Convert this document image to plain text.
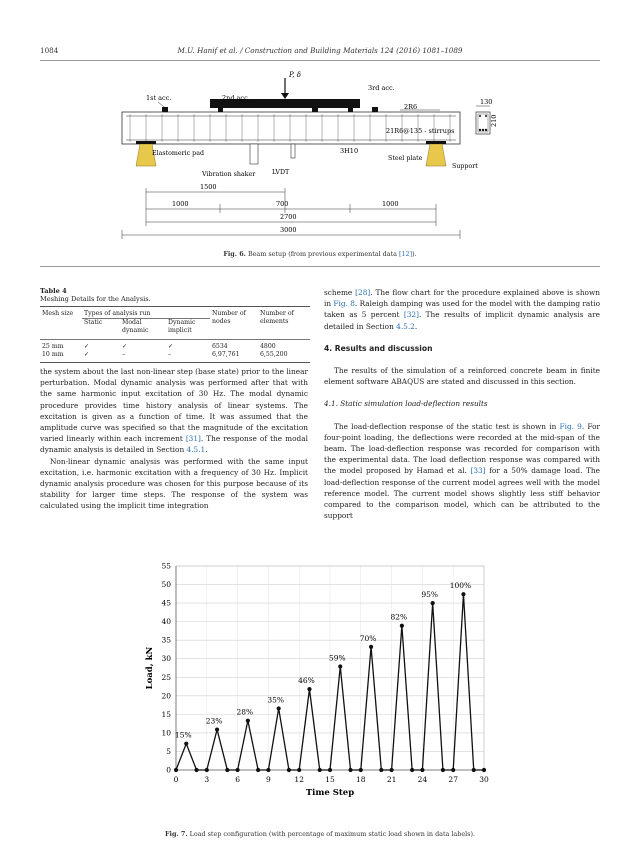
1084	M.U. Hanif et al. / Construction and Building Materials 124 (2016) 1081–1089
P, δ
1st acc.	2nd acc.
3rd acc.
2R6
21R6@135 - stirrups
3H10
130
210
Elastomeric pad
Steel plate
Support
Vibration shaker	LVDT
1500
1000	700	1000
2700
3000
Fig. 6. Beam setup (from previous experimental data [12]).
Table 4
Meshing Details for the Analysis.
Mesh size	Types of analysis run			Number of nodes	Number of elements
	Static	Modal dynamic	Dynamic implicit		
25 mm	✓	✓	✓	6534	4800
10 mm	✓	–	–	6,97,761	6,55,200

the system about the last non-linear step (base state) prior to the linear perturbation. Modal dynamic analysis was performed after that with the same harmonic input excitation of 30 Hz. The modal dynamic procedure provides time history analysis of linear systems. The excitation is given as a function of time. It was assumed that the amplitude curve was specified so that the magnitude of the excitation varied linearly within each increment [31]. The response of the modal dynamic analysis is detailed in Section 4.5.1.

Non-linear dynamic analysis was performed with the same input excitation, i.e. harmonic excitation with a frequency of 30 Hz. Implicit dynamic analysis procedure was chosen for this purpose because of its stability for larger time steps. The response of the system was calculated using the implicit time integration

scheme [28]. The flow chart for the procedure explained above is shown in Fig. 8. Raleigh damping was used for the model with the damping ratio taken as 5 percent [32]. The results of implicit dynamic analysis are detailed in Section 4.5.2.

4. Results and discussion

The results of the simulation of a reinforced concrete beam in finite element software ABAQUS are stated and discussed in this section.

4.1. Static simulation load-deflection results

The load-deflection response of the static test is shown in Fig. 9. For four-point loading, the deflections were recorded at the mid-span of the beam. The load-deflection response was recorded for comparison with the experimental data. The load deflection response was compared with the model proposed by Hamad et al. [33] for a 50% damage load. The load-deflection response of the current model agrees well with the model reference model. The current model shows slightly less stiff behavior compared to the comparison model, which can be attributed to the support

0
5
10
15
20
25
30
35
40
45
50
55
0	3	6	9	12	15	18	21	24	27	30
15%
23%
28%
35%
46%
59%
70%
82%
95%
100%
Time Step
Load, kN
Fig. 7. Load step configuration (with percentage of maximum static load shown in data labels).
